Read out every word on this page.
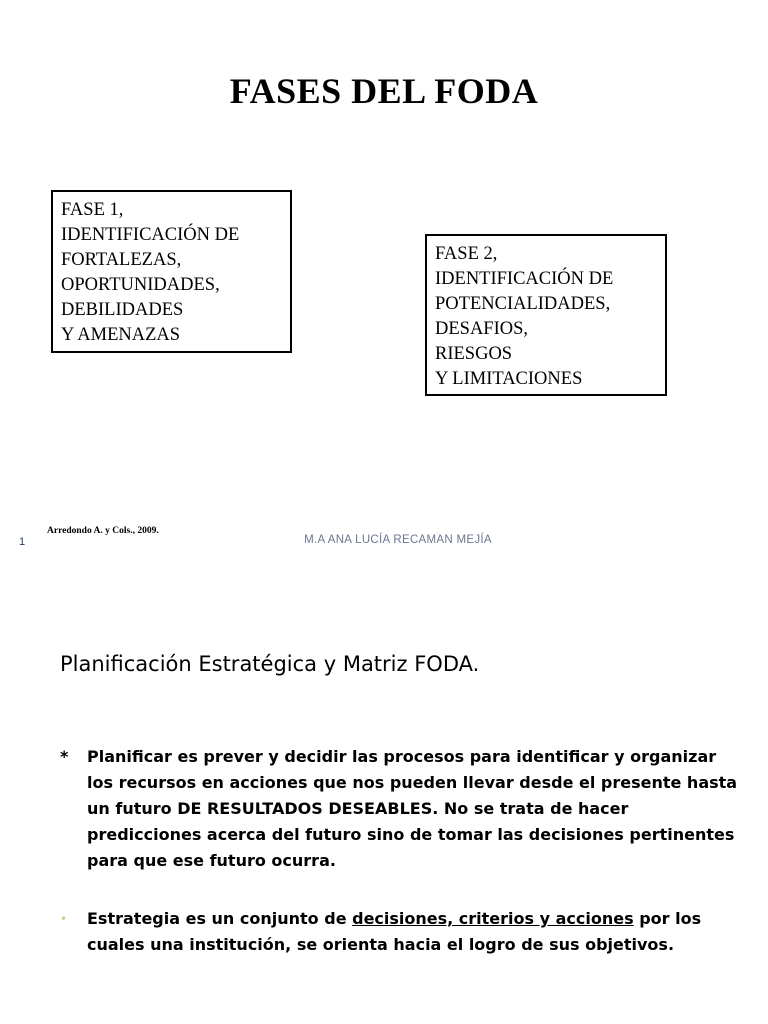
FASES DEL FODA
FASE 1,
IDENTIFICACIÓN DE
FORTALEZAS,
OPORTUNIDADES,
DEBILIDADES
Y AMENAZAS
FASE 2,
IDENTIFICACIÓN DE
POTENCIALIDADES,
DESAFIOS,
RIESGOS
Y LIMITACIONES
Arredondo A. y Cols., 2009.
1	M.A ANA LUCÍA RECAMAN MEJÍA
Planificación Estratégica y Matriz FODA.
* Planificar es prever y decidir las procesos para identificar y organizar los recursos en acciones que nos pueden llevar desde el presente hasta un futuro DE RESULTADOS DESEABLES. No se trata de hacer predicciones acerca del futuro sino de tomar las decisiones pertinentes para que ese futuro ocurra.
• Estrategia es un conjunto de decisiones, criterios y acciones por los cuales una institución, se orienta hacia el logro de sus objetivos.
